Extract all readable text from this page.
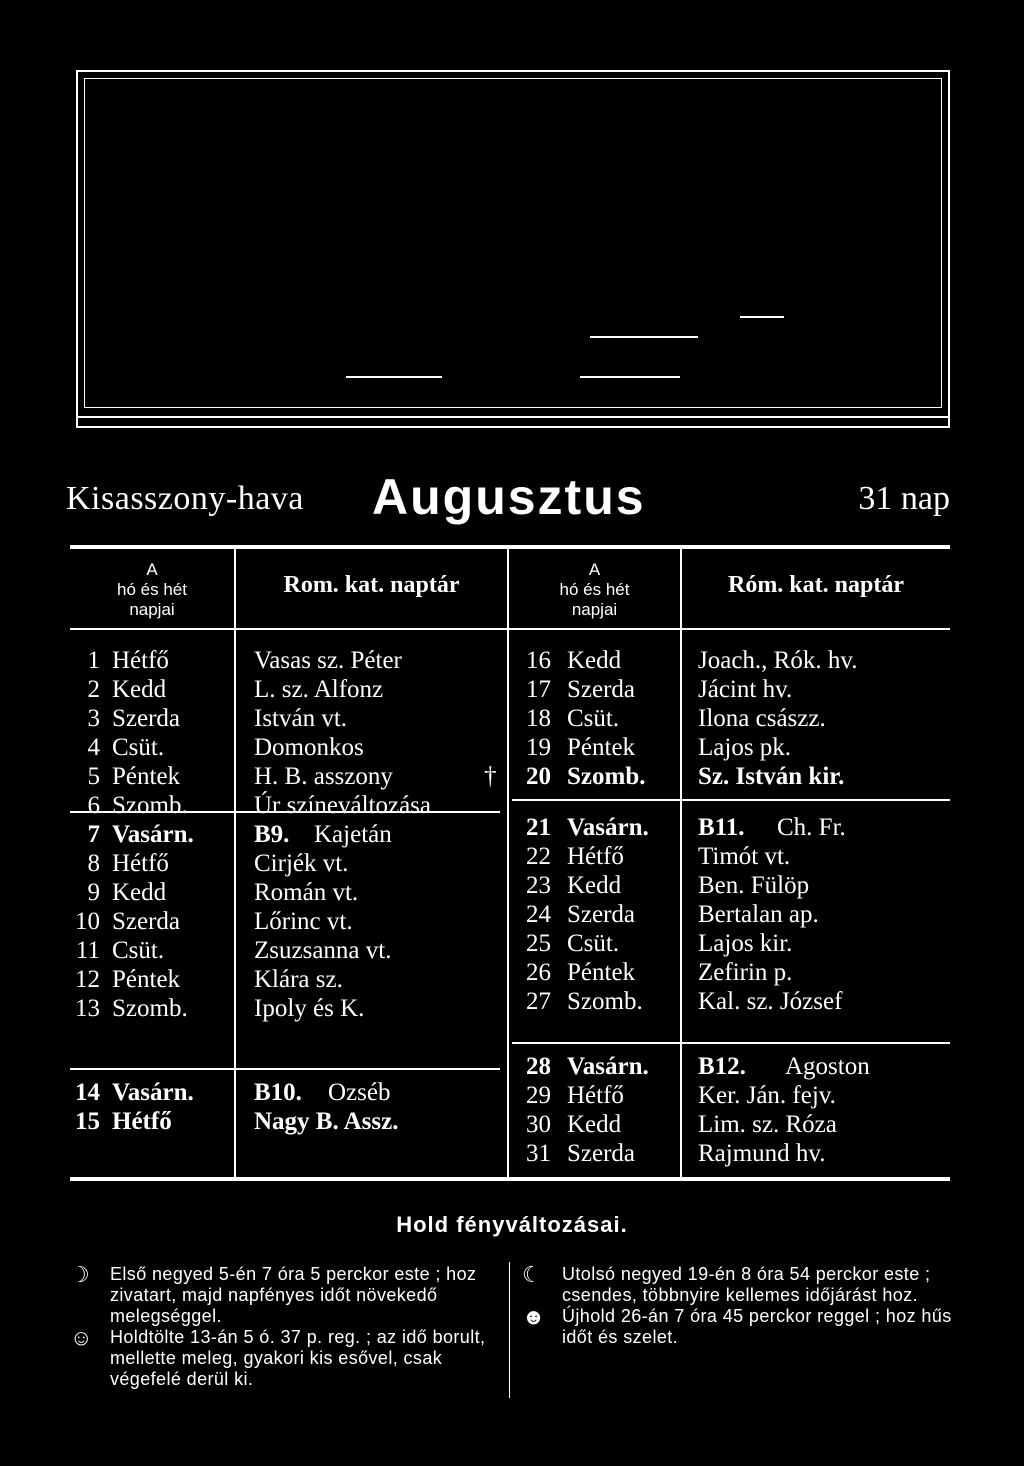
Kisasszony-hava Augusztus	31 nap
A
hó és hét
napjai
Rom. kat. naptár
A
hó és hét
napjai
Róm. kat. naptár
1 Hétfő	Vasas sz. Péter
2 Kedd	L. sz. Alfonz
3 Szerda	István vt.
4 Csüt.	Domonkos
5 Péntek	H. B. asszony	†
6 Szomb.	Úr színeváltozása
7 Vasárn. B9. Kajetán
8 Hétfő	Cirjék vt.
9 Kedd	Román vt.
10 Szerda	Lőrinc vt.
11 Csüt.	Zsuzsanna vt.
12 Péntek	Klára sz.
13 Szomb.	Ipoly és K.
14 Vasárn. B10. Ozséb
15 Hétfő	Nagy B. Assz.
16 Kedd	Joach., Rók. hv.
17 Szerda	Jácint hv.
18 Csüt.	Ilona császz.
19 Péntek	Lajos pk.
20 Szomb. Sz. István kir.
21 Vasárn. B11. Ch. Fr.
22 Hétfő	Timót vt.
23 Kedd	Ben. Fülöp
24 Szerda	Bertalan ap.
25 Csüt.	Lajos kir.
26 Péntek	Zefirin p.
27 Szomb. Kal. sz. József
28 Vasárn. B12. Agoston
29 Hétfő	Ker. Ján. fejv.
30 Kedd	Lim. sz. Róza
31 Szerda	Rajmund hv.
Hold fényváltozásai.
☽ Első negyed 5-én 7 óra 5 perckor este ; hoz zivatart, majd napfényes időt növekedő melegséggel.
☺ Holdtölte 13-án 5 ó. 37 p. reg. ; az idő borult, mellette meleg, gyakori kis esővel, csak végefelé derül ki.
☾ Utolsó negyed 19-én 8 óra 54 perckor este ; csendes, többnyire kellemes időjárást hoz.
☻ Újhold 26-án 7 óra 45 perckor reggel ; hoz hűs időt és szelet.
